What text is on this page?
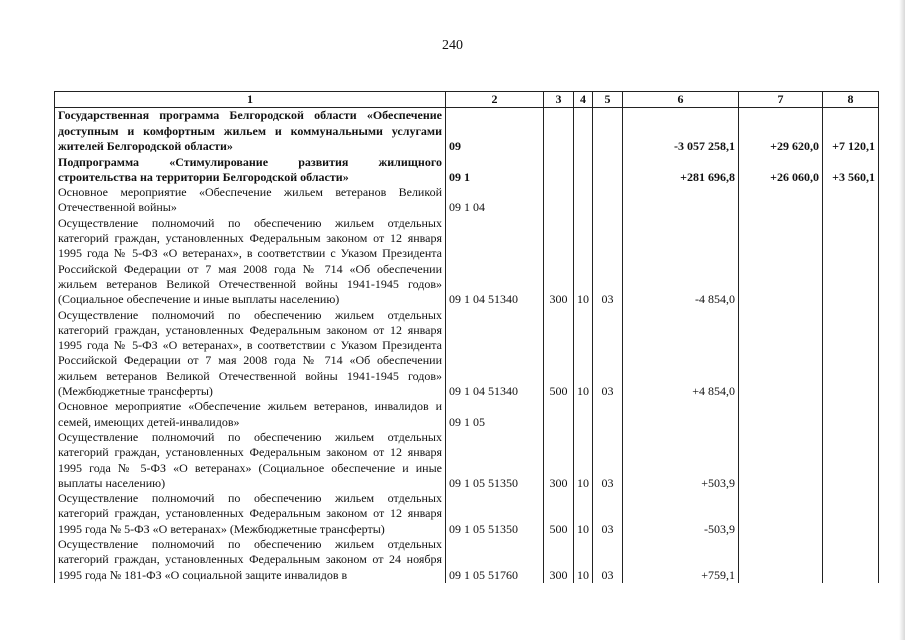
240
1	2	3	4	5	6	7	8
Государственная программа Белгородской области «Обеспечение доступным и комфортным жильем и коммунальными услугами жителей Белгородской области»	09				-3 057 258,1	+29 620,0	+7 120,1
Подпрограмма «Стимулирование развития жилищного строительства на территории Белгородской области»	09 1				+281 696,8	+26 060,0	+3 560,1
Основное мероприятие «Обеспечение жильем ветеранов Великой Отечественной войны»	09 1 04						
Осуществление полномочий по обеспечению жильем отдельных категорий граждан, установленных Федеральным законом от 12 января 1995 года № 5-ФЗ «О ветеранах», в соответствии с Указом Президента Российской Федерации от 7 мая 2008 года № 714 «Об обеспечении жильем ветеранов Великой Отечественной войны 1941-1945 годов» (Социальное обеспечение и иные выплаты населению)	09 1 04 51340	300	10	03	-4 854,0		
Осуществление полномочий по обеспечению жильем отдельных категорий граждан, установленных Федеральным законом от 12 января 1995 года № 5-ФЗ «О ветеранах», в соответствии с Указом Президента Российской Федерации от 7 мая 2008 года № 714 «Об обеспечении жильем ветеранов Великой Отечественной войны 1941-1945 годов» (Межбюджетные трансферты)	09 1 04 51340	500	10	03	+4 854,0		
Основное мероприятие «Обеспечение жильем ветеранов, инвалидов и семей, имеющих детей-инвалидов»	09 1 05						
Осуществление полномочий по обеспечению жильем отдельных категорий граждан, установленных Федеральным законом от 12 января 1995 года № 5-ФЗ «О ветеранах» (Социальное обеспечение и иные выплаты населению)	09 1 05 51350	300	10	03	+503,9		
Осуществление полномочий по обеспечению жильем отдельных категорий граждан, установленных Федеральным законом от 12 января 1995 года № 5-ФЗ «О ветеранах» (Межбюджетные трансферты)	09 1 05 51350	500	10	03	-503,9		
Осуществление полномочий по обеспечению жильем отдельных категорий граждан, установленных Федеральным законом от 24 ноября 1995 года № 181-ФЗ «О социальной защите инвалидов в	09 1 05 51760	300	10	03	+759,1		
